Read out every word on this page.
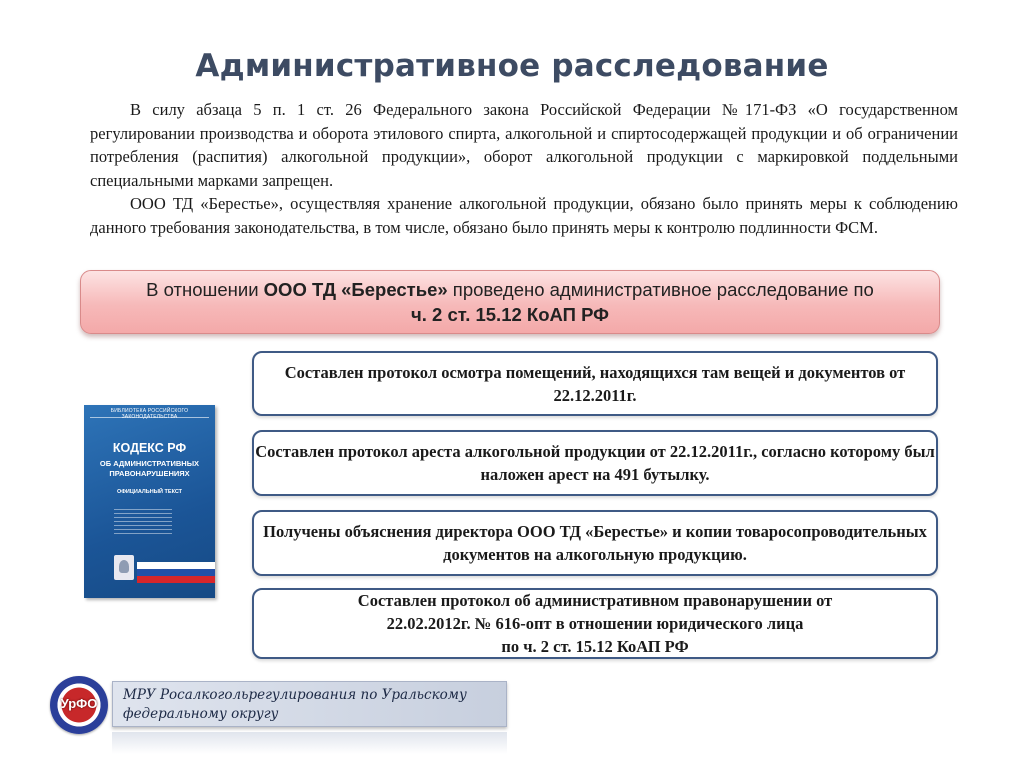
Административное расследование

В силу абзаца 5 п. 1 ст. 26 Федерального закона Российской Федерации №171-ФЗ «О государственном регулировании производства и оборота этилового спирта, алкогольной и спиртосодержащей продукции и об ограничении потребления (распития) алкогольной продукции», оборот алкогольной продукции с маркировкой поддельными специальными марками запрещен.

ООО ТД «Берестье», осуществляя хранение алкогольной продукции, обязано было принять меры к соблюдению данного требования законодательства, в том числе, обязано было принять меры к контролю подлинности ФСМ.

В отношении ООО ТД «Берестье» проведено административное расследование по
ч. 2 ст. 15.12 КоАП РФ
Составлен протокол осмотра помещений, находящихся там вещей и документов от 22.12.2011г.
Составлен протокол ареста алкогольной продукции от 22.12.2011г., согласно которому был наложен арест на 491 бутылку.
Получены объяснения директора ООО ТД «Берестье» и копии товаросопроводительных документов на алкогольную продукцию.
Составлен протокол об административном правонарушении от
22.02.2012г. № 616-опт в отношении юридического лица
по ч. 2 ст. 15.12 КоАП РФ
БИБЛИОТЕКА РОССИЙСКОГО
КОДЕКС РФ
ОБ АДМИНИСТРАТИВНЫХ ПРАВОНАРУШЕНИЯХ
ОФИЦИАЛЬНЫЙ ТЕКСТ
УрФО
МРУ Росалкогольрегулирования по Уральскому федеральному округу
